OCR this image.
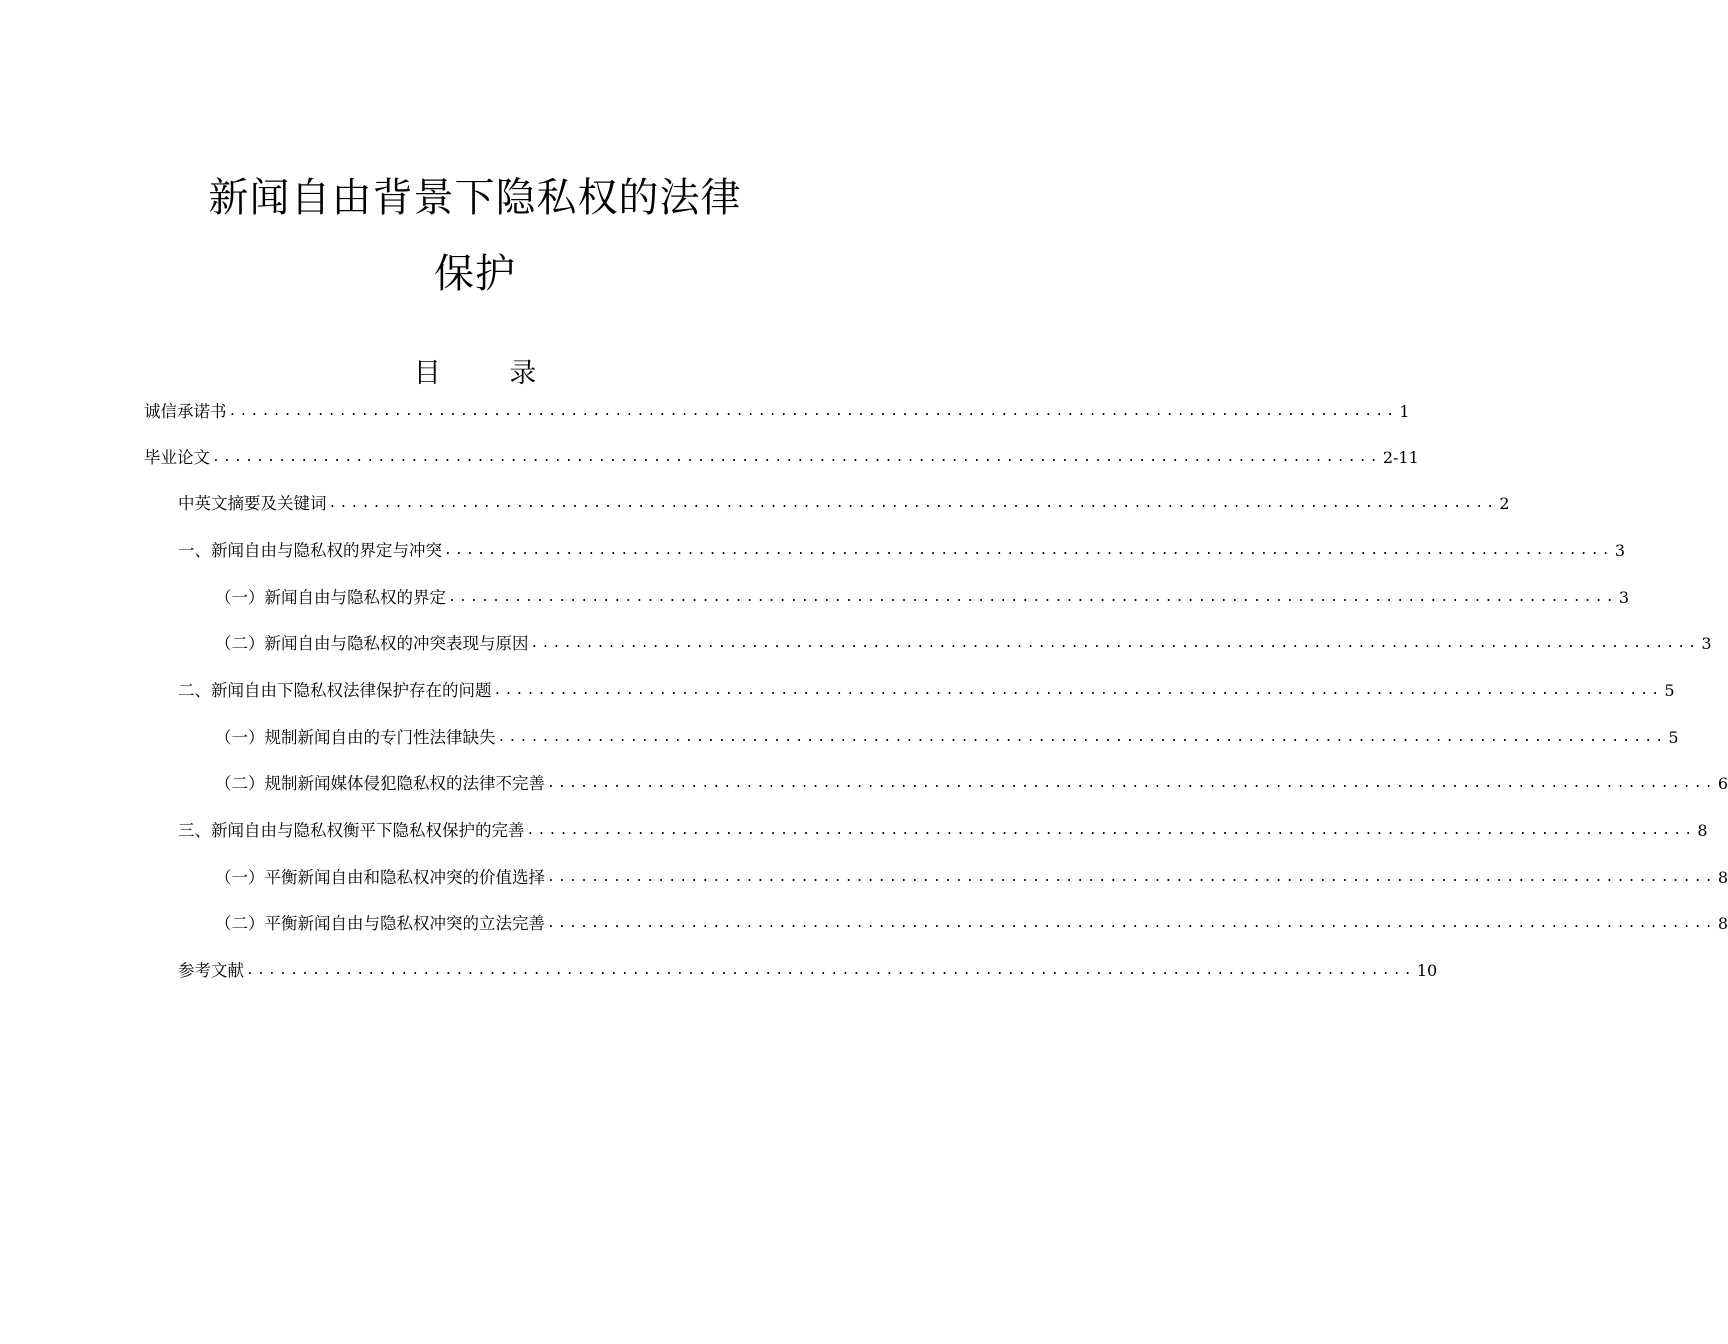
新闻自由背景下隐私权的法律
保护
目 录
诚信承诺书 .......................................................................................................... 1
毕业论文 .......................................................................................................... 2-11
中英文摘要及关键词 .......................................................................................................... 2
一、新闻自由与隐私权的界定与冲突 .......................................................................................................... 3
（一）新闻自由与隐私权的界定 .......................................................................................................... 3
（二）新闻自由与隐私权的冲突表现与原因 .......................................................................................................... 3
二、新闻自由下隐私权法律保护存在的问题 .......................................................................................................... 5
（一）规制新闻自由的专门性法律缺失 .......................................................................................................... 5
（二）规制新闻媒体侵犯隐私权的法律不完善 .......................................................................................................... 6
三、新闻自由与隐私权衡平下隐私权保护的完善 .......................................................................................................... 8
（一）平衡新闻自由和隐私权冲突的价值选择 .......................................................................................................... 8
（二）平衡新闻自由与隐私权冲突的立法完善 .......................................................................................................... 8
参考文献 .......................................................................................................... 10
